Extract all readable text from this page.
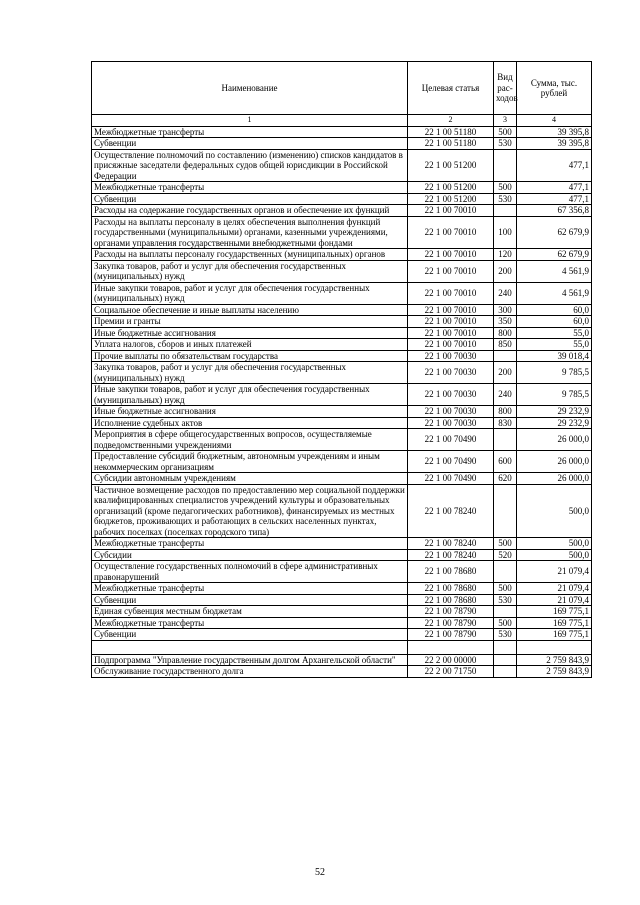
Наименование	Целевая статья	Вид рас-ходов	Сумма, тыс. рублей
1	2	3	4
Межбюджетные трансферты	22 1 00 51180	500	39 395,8
Субвенции	22 1 00 51180	530	39 395,8
Осуществление полномочий по составлению (изменению) списков кандидатов в присяжные заседатели федеральных судов общей юрисдикции в Российской Федерации	22 1 00 51200		477,1
Межбюджетные трансферты	22 1 00 51200	500	477,1
Субвенции	22 1 00 51200	530	477,1
Расходы на содержание государственных органов и обеспечение их функций	22 1 00 70010		67 356,8
Расходы на выплаты персоналу в целях обеспечения выполнения функций государственными (муниципальными) органами, казенными учреждениями, органами управления государственными внебюджетными фондами	22 1 00 70010	100	62 679,9
Расходы на выплаты персоналу государственных (муниципальных) органов	22 1 00 70010	120	62 679,9
Закупка товаров, работ и услуг для обеспечения государственных (муниципальных) нужд	22 1 00 70010	200	4 561,9
Иные закупки товаров, работ и услуг для обеспечения государственных (муниципальных) нужд	22 1 00 70010	240	4 561,9
Социальное обеспечение и иные выплаты населению	22 1 00 70010	300	60,0
Премии и гранты	22 1 00 70010	350	60,0
Иные бюджетные ассигнования	22 1 00 70010	800	55,0
Уплата налогов, сборов и иных платежей	22 1 00 70010	850	55,0
Прочие выплаты по обязательствам государства	22 1 00 70030		39 018,4
Закупка товаров, работ и услуг для обеспечения государственных (муниципальных) нужд	22 1 00 70030	200	9 785,5
Иные закупки товаров, работ и услуг для обеспечения государственных (муниципальных) нужд	22 1 00 70030	240	9 785,5
Иные бюджетные ассигнования	22 1 00 70030	800	29 232,9
Исполнение судебных актов	22 1 00 70030	830	29 232,9
Мероприятия в сфере общегосударственных вопросов, осуществляемые подведомственными учреждениями	22 1 00 70490		26 000,0
Предоставление субсидий бюджетным, автономным учреждениям и иным некоммерческим организациям	22 1 00 70490	600	26 000,0
Субсидии автономным учреждениям	22 1 00 70490	620	26 000,0
Частичное возмещение расходов по предоставлению мер социальной поддержки квалифицированных специалистов учреждений культуры и образовательных организаций (кроме педагогических работников), финансируемых из местных бюджетов, проживающих и работающих в сельских населенных пунктах, рабочих поселках (поселках городского типа)	22 1 00 78240		500,0
Межбюджетные трансферты	22 1 00 78240	500	500,0
Субсидии	22 1 00 78240	520	500,0
Осуществление государственных полномочий в сфере административных правонарушений	22 1 00 78680		21 079,4
Межбюджетные трансферты	22 1 00 78680	500	21 079,4
Субвенции	22 1 00 78680	530	21 079,4
Единая субвенция местным бюджетам	22 1 00 78790		169 775,1
Межбюджетные трансферты	22 1 00 78790	500	169 775,1
Субвенции	22 1 00 78790	530	169 775,1

Подпрограмма "Управление государственным долгом Архангельской области"	22 2 00 00000		2 759 843,9
Обслуживание государственного долга	22 2 00 71750		2 759 843,9
52
